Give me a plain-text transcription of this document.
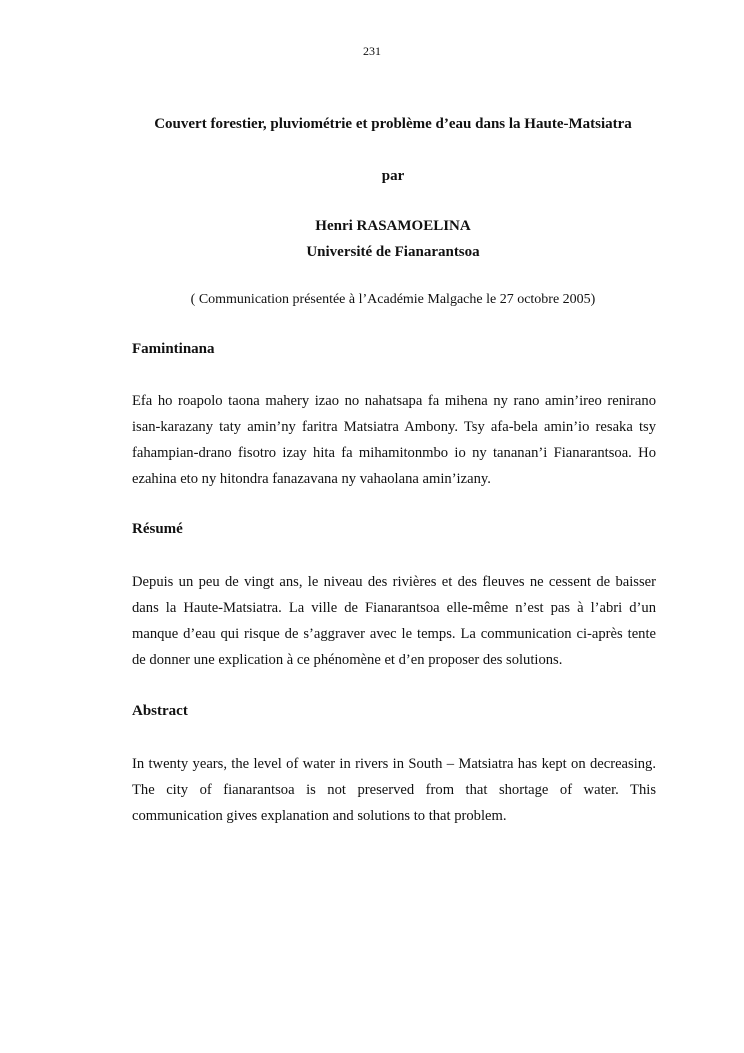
231
Couvert forestier, pluviométrie et problème d’eau dans la Haute-Matsiatra
par
Henri RASAMOELINA
Université de Fianarantsoa
( Communication présentée à l’Académie Malgache le 27 octobre 2005)
Famintinana

Efa ho roapolo taona mahery izao no nahatsapa fa mihena ny rano amin’ireo renirano isan-karazany taty amin’ny faritra Matsiatra Ambony. Tsy afa-bela amin’io resaka tsy fahampian-drano fisotro izay hita fa mihamitonmbo io ny tananan’i Fianarantsoa. Ho ezahina eto ny hitondra fanazavana ny vahaolana amin’izany.

Résumé

Depuis un peu de vingt ans, le niveau des rivières et des fleuves ne cessent de baisser dans la Haute-Matsiatra. La ville de Fianarantsoa elle-même n’est pas à l’abri d’un manque d’eau qui risque de s’aggraver avec le temps. La communication ci-après tente de donner une explication à ce phénomène et d’en proposer des solutions.

Abstract

In twenty years, the level of water in rivers in South – Matsiatra has kept on decreasing. The city of fianarantsoa is not preserved from that shortage of water. This communication gives explanation and solutions to that problem.
